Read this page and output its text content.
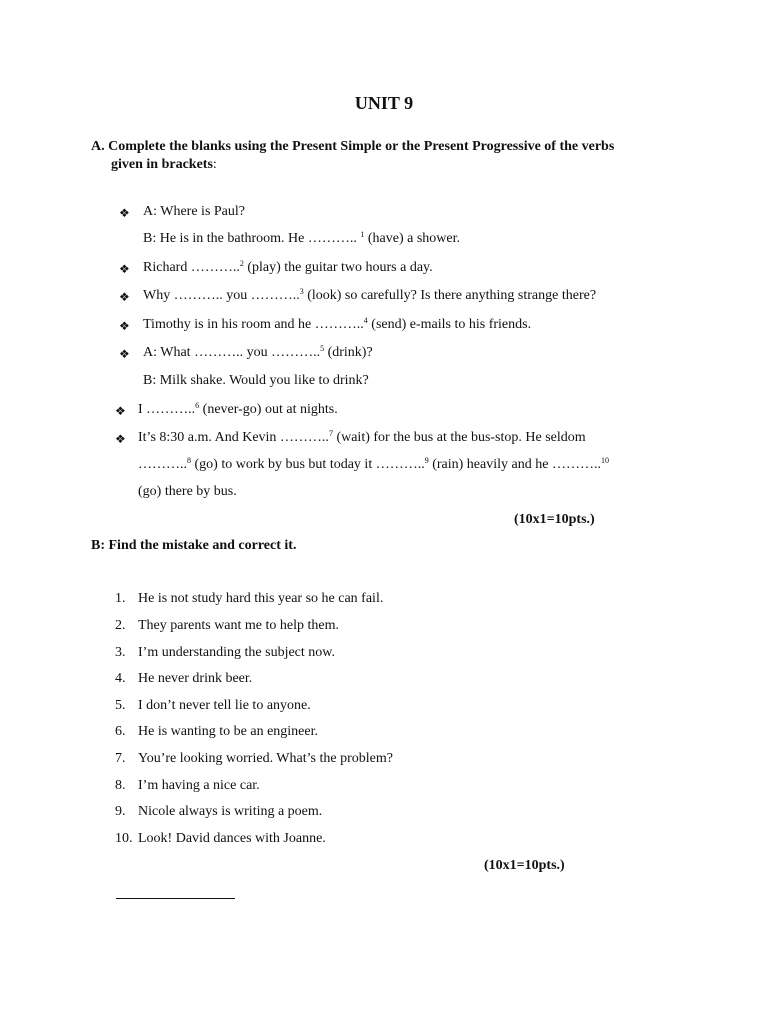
UNIT 9
A. Complete the blanks using the Present Simple or the Present Progressive of the verbs
given in brackets:
❖ A: Where is Paul?
B: He is in the bathroom. He ……….. $^1$ (have) a shower.
❖ Richard ………..$^2$ (play) the guitar two hours a day.
❖ Why ……….. you ………..$^3$ (look) so carefully? Is there anything strange there?
❖ Timothy is in his room and he ………..$^4$ (send) e-mails to his friends.
❖ A: What ……….. you ………..$^5$ (drink)?
B: Milk shake. Would you like to drink?
❖ I ………..$^6$ (never-go) out at nights.
❖ It’s 8:30 a.m. And Kevin ………..$^7$ (wait) for the bus at the bus-stop. He seldom
………..$^8$ (go) to work by bus but today it ………..$^9$ (rain) heavily and he ………..$^{10}$
(go) there by bus.
(10x1=10pts.)
B: Find the mistake and correct it.
1. He is not study hard this year so he can fail.
2. They parents want me to help them.
3. I’m understanding the subject now.
4. He never drink beer.
5. I don’t never tell lie to anyone.
6. He is wanting to be an engineer.
7. You’re looking worried. What’s the problem?
8. I’m having a nice car.
9. Nicole always is writing a poem.
10. Look! David dances with Joanne.
(10x1=10pts.)
